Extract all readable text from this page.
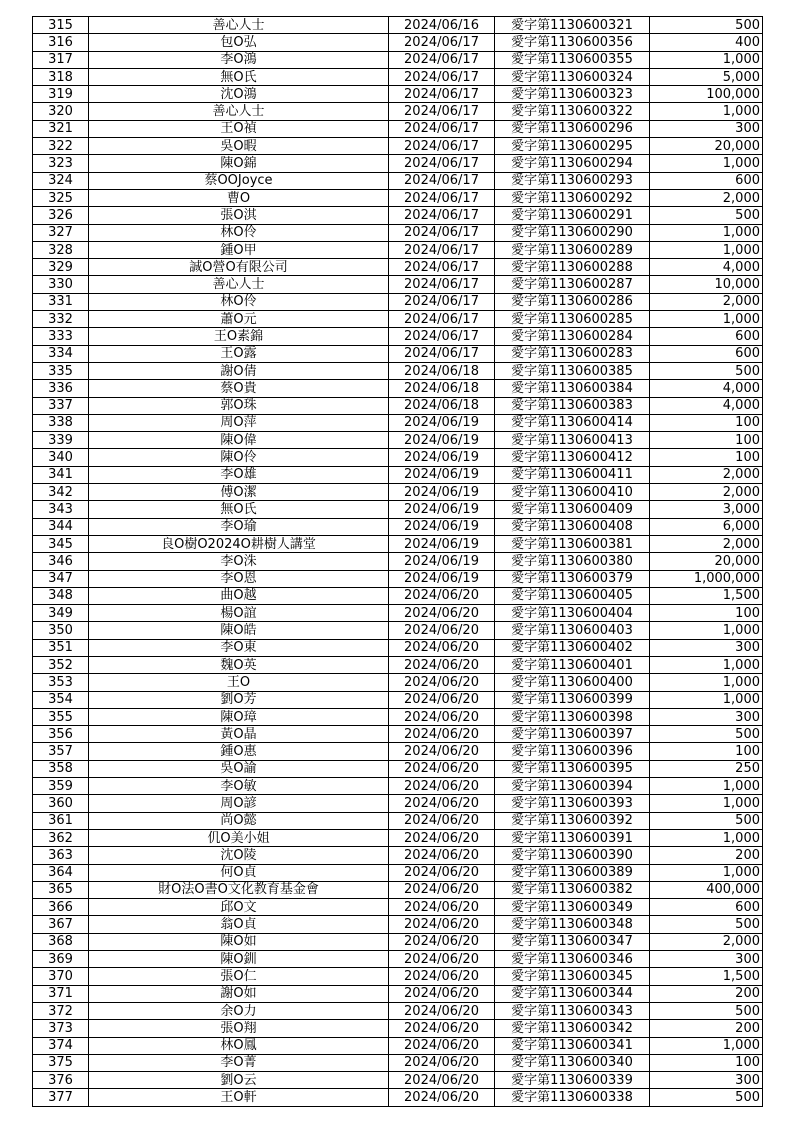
315	善心人士	2024/06/16	愛字第1130600321	500
316	包O弘	2024/06/17	愛字第1130600356	400
317	李O鴻	2024/06/17	愛字第1130600355	1,000
318	無O氏	2024/06/17	愛字第1130600324	5,000
319	沈O鴻	2024/06/17	愛字第1130600323	100,000
320	善心人士	2024/06/17	愛字第1130600322	1,000
321	王O禎	2024/06/17	愛字第1130600296	300
322	吳O暇	2024/06/17	愛字第1130600295	20,000
323	陳O錦	2024/06/17	愛字第1130600294	1,000
324	蔡OOJoyce	2024/06/17	愛字第1130600293	600
325	曹O	2024/06/17	愛字第1130600292	2,000
326	張O淇	2024/06/17	愛字第1130600291	500
327	林O伶	2024/06/17	愛字第1130600290	1,000
328	鍾O甲	2024/06/17	愛字第1130600289	1,000
329	誠O營O有限公司	2024/06/17	愛字第1130600288	4,000
330	善心人士	2024/06/17	愛字第1130600287	10,000
331	林O伶	2024/06/17	愛字第1130600286	2,000
332	蕭O元	2024/06/17	愛字第1130600285	1,000
333	王O素錦	2024/06/17	愛字第1130600284	600
334	王O露	2024/06/17	愛字第1130600283	600
335	謝O倩	2024/06/18	愛字第1130600385	500
336	蔡O貴	2024/06/18	愛字第1130600384	4,000
337	郭O珠	2024/06/18	愛字第1130600383	4,000
338	周O萍	2024/06/19	愛字第1130600414	100
339	陳O偉	2024/06/19	愛字第1130600413	100
340	陳O伶	2024/06/19	愛字第1130600412	100
341	李O雄	2024/06/19	愛字第1130600411	2,000
342	傅O潔	2024/06/19	愛字第1130600410	2,000
343	無O氏	2024/06/19	愛字第1130600409	3,000
344	李O瑜	2024/06/19	愛字第1130600408	6,000
345	良O樹O2024O耕樹人講堂	2024/06/19	愛字第1130600381	2,000
346	李O洙	2024/06/19	愛字第1130600380	20,000
347	李O恩	2024/06/19	愛字第1130600379	1,000,000
348	曲O越	2024/06/20	愛字第1130600405	1,500
349	楊O誼	2024/06/20	愛字第1130600404	100
350	陳O皓	2024/06/20	愛字第1130600403	1,000
351	李O東	2024/06/20	愛字第1130600402	300
352	魏O英	2024/06/20	愛字第1130600401	1,000
353	王O	2024/06/20	愛字第1130600400	1,000
354	劉O芳	2024/06/20	愛字第1130600399	1,000
355	陳O璋	2024/06/20	愛字第1130600398	300
356	黃O晶	2024/06/20	愛字第1130600397	500
357	鍾O惠	2024/06/20	愛字第1130600396	100
358	吳O諭	2024/06/20	愛字第1130600395	250
359	李O敏	2024/06/20	愛字第1130600394	1,000
360	周O諺	2024/06/20	愛字第1130600393	1,000
361	尚O懿	2024/06/20	愛字第1130600392	500
362	仉O美小姐	2024/06/20	愛字第1130600391	1,000
363	沈O陵	2024/06/20	愛字第1130600390	200
364	何O貞	2024/06/20	愛字第1130600389	1,000
365	財O法O書O文化教育基金會	2024/06/20	愛字第1130600382	400,000
366	邱O文	2024/06/20	愛字第1130600349	600
367	翁O貞	2024/06/20	愛字第1130600348	500
368	陳O如	2024/06/20	愛字第1130600347	2,000
369	陳O釧	2024/06/20	愛字第1130600346	300
370	張O仁	2024/06/20	愛字第1130600345	1,500
371	謝O如	2024/06/20	愛字第1130600344	200
372	余O力	2024/06/20	愛字第1130600343	500
373	張O翔	2024/06/20	愛字第1130600342	200
374	林O鳳	2024/06/20	愛字第1130600341	1,000
375	李O菁	2024/06/20	愛字第1130600340	100
376	劉O云	2024/06/20	愛字第1130600339	300
377	王O軒	2024/06/20	愛字第1130600338	500
